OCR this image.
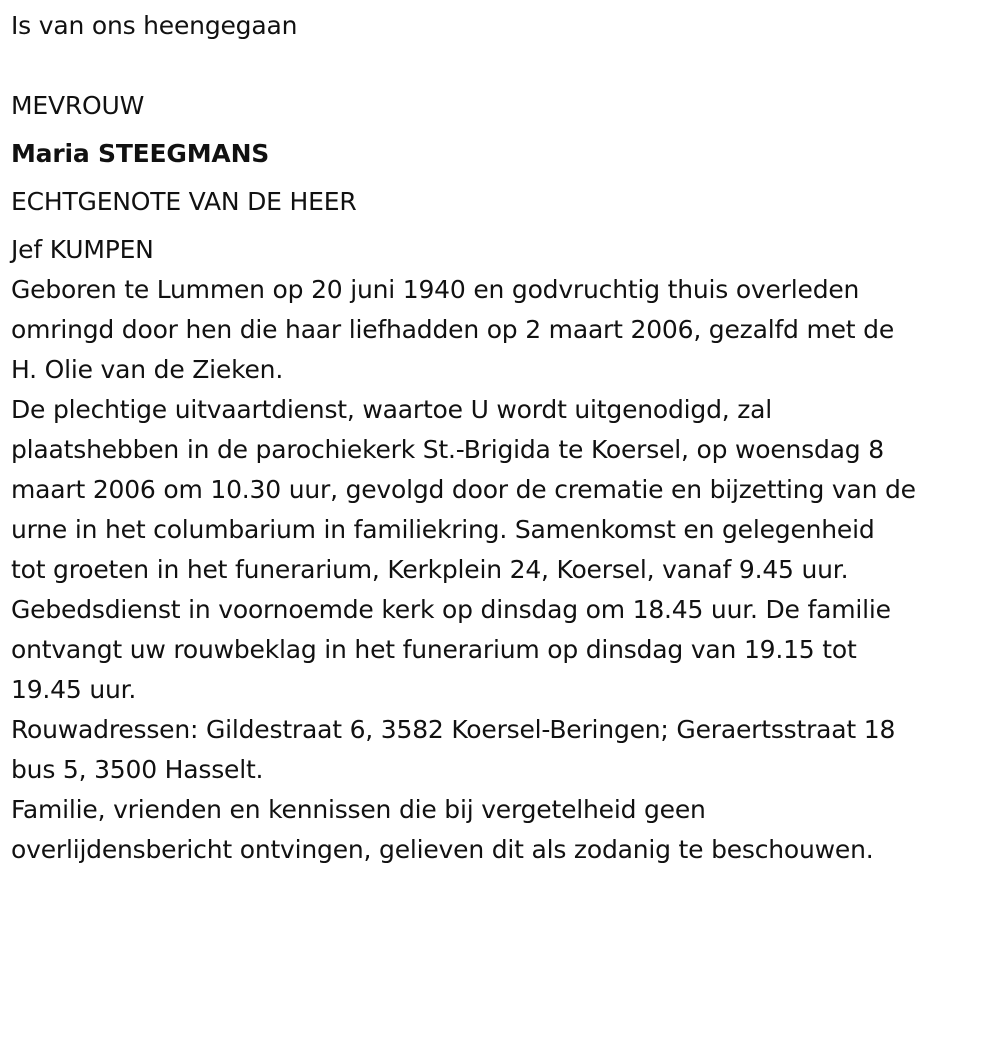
Is van ons heengegaan
MEVROUW
Maria STEEGMANS
ECHTGENOTE VAN DE HEER
Jef KUMPEN
Geboren te Lummen op 20 juni 1940 en godvruchtig thuis overleden
omringd door hen die haar liefhadden op 2 maart 2006, gezalfd met de
H. Olie van de Zieken.
De plechtige uitvaartdienst, waartoe U wordt uitgenodigd, zal
plaatshebben in de parochiekerk St.-Brigida te Koersel, op woensdag 8
maart 2006 om 10.30 uur, gevolgd door de crematie en bijzetting van de
urne in het columbarium in familiekring. Samenkomst en gelegenheid
tot groeten in het funerarium, Kerkplein 24, Koersel, vanaf 9.45 uur.
Gebedsdienst in voornoemde kerk op dinsdag om 18.45 uur. De familie
ontvangt uw rouwbeklag in het funerarium op dinsdag van 19.15 tot
19.45 uur.
Rouwadressen: Gildestraat 6, 3582 Koersel-Beringen; Geraertsstraat 18
bus 5, 3500 Hasselt.
Familie, vrienden en kennissen die bij vergetelheid geen
overlijdensbericht ontvingen, gelieven dit als zodanig te beschouwen.
